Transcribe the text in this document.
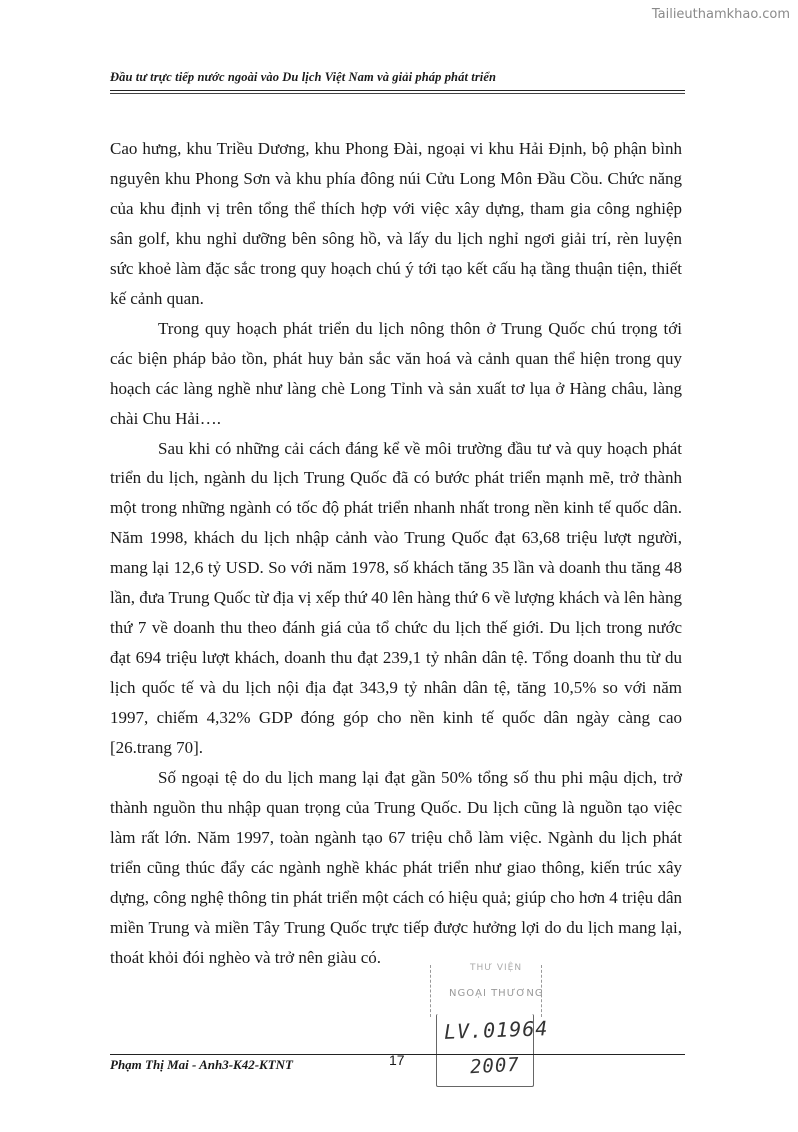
Tailieuthamkhao.com
Đầu tư trực tiếp nước ngoài vào Du lịch Việt Nam và giải pháp phát triển

Cao hưng, khu Triều Dương, khu Phong Đài, ngoại vi khu Hải Định, bộ phận bình nguyên khu Phong Sơn và khu phía đông núi Cửu Long Môn Đầu Cồu. Chức năng của khu định vị trên tổng thể thích hợp với việc xây dựng, tham gia công nghiệp sân golf, khu nghỉ dưỡng bên sông hồ, và lấy du lịch nghỉ ngơi giải trí, rèn luyện sức khoẻ làm đặc sắc trong quy hoạch chú ý tới tạo kết cấu hạ tầng thuận tiện, thiết kế cảnh quan.

Trong quy hoạch phát triển du lịch nông thôn ở Trung Quốc chú trọng tới các biện pháp bảo tồn, phát huy bản sắc văn hoá và cảnh quan thể hiện trong quy hoạch các làng nghề như làng chè Long Tỉnh và sản xuất tơ lụa ở Hàng châu, làng chài Chu Hải….

Sau khi có những cải cách đáng kể về môi trường đầu tư và quy hoạch phát triển du lịch, ngành du lịch Trung Quốc đã có bước phát triển mạnh mẽ, trở thành một trong những ngành có tốc độ phát triển nhanh nhất trong nền kinh tế quốc dân. Năm 1998, khách du lịch nhập cảnh vào Trung Quốc đạt 63,68 triệu lượt người, mang lại 12,6 tỷ USD. So với năm 1978, số khách tăng 35 lần và doanh thu tăng 48 lần, đưa Trung Quốc từ địa vị xếp thứ 40 lên hàng thứ 6 về lượng khách và lên hàng thứ 7 về doanh thu theo đánh giá của tổ chức du lịch thế giới. Du lịch trong nước đạt 694 triệu lượt khách, doanh thu đạt 239,1 tỷ nhân dân tệ. Tổng doanh thu từ du lịch quốc tế và du lịch nội địa đạt 343,9 tỷ nhân dân tệ, tăng 10,5% so với năm 1997, chiếm 4,32% GDP đóng góp cho nền kinh tế quốc dân ngày càng cao [26.trang 70].

Số ngoại tệ do du lịch mang lại đạt gần 50% tổng số thu phi mậu dịch, trở thành nguồn thu nhập quan trọng của Trung Quốc. Du lịch cũng là nguồn tạo việc làm rất lớn. Năm 1997, toàn ngành tạo 67 triệu chỗ làm việc. Ngành du lịch phát triển cũng thúc đẩy các ngành nghề khác phát triển như giao thông, kiến trúc xây dựng, công nghệ thông tin phát triển một cách có hiệu quả; giúp cho hơn 4 triệu dân miền Trung và miền Tây Trung Quốc trực tiếp được hưởng lợi do du lịch mang lại, thoát khỏi đói nghèo và trở nên giàu có.

THƯ VIỆN
NGOẠI THƯƠNG
LV.01964
2007
Phạm Thị Mai - Anh3-K42-KTNT	17
